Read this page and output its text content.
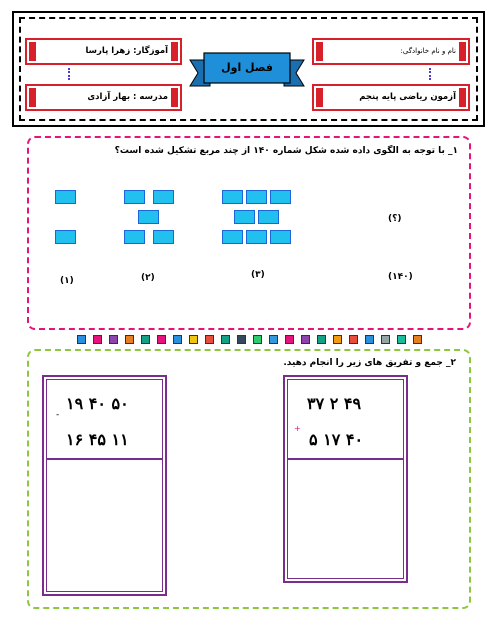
نام و نام خانوادگی:
آزمون ریاضی پایه پنجم
آموزگار: زهرا پارسا
مدرسه : بهار آزادی
فصل اول
۱_ با توجه به الگوی داده شده شکل شماره ۱۴۰ از چند مربع تشکیل شده است؟
(؟)
(۱)	(۲)	(۳)	(۱۴۰)
۲_ جمع و تفریق های زیر را انجام دهید.
١٩ ۴٠ ۵٠
-
١۶ ۴۵ ١١
٢ ٣٧ ۴٩
+
۵ ١٧ ۴٠
